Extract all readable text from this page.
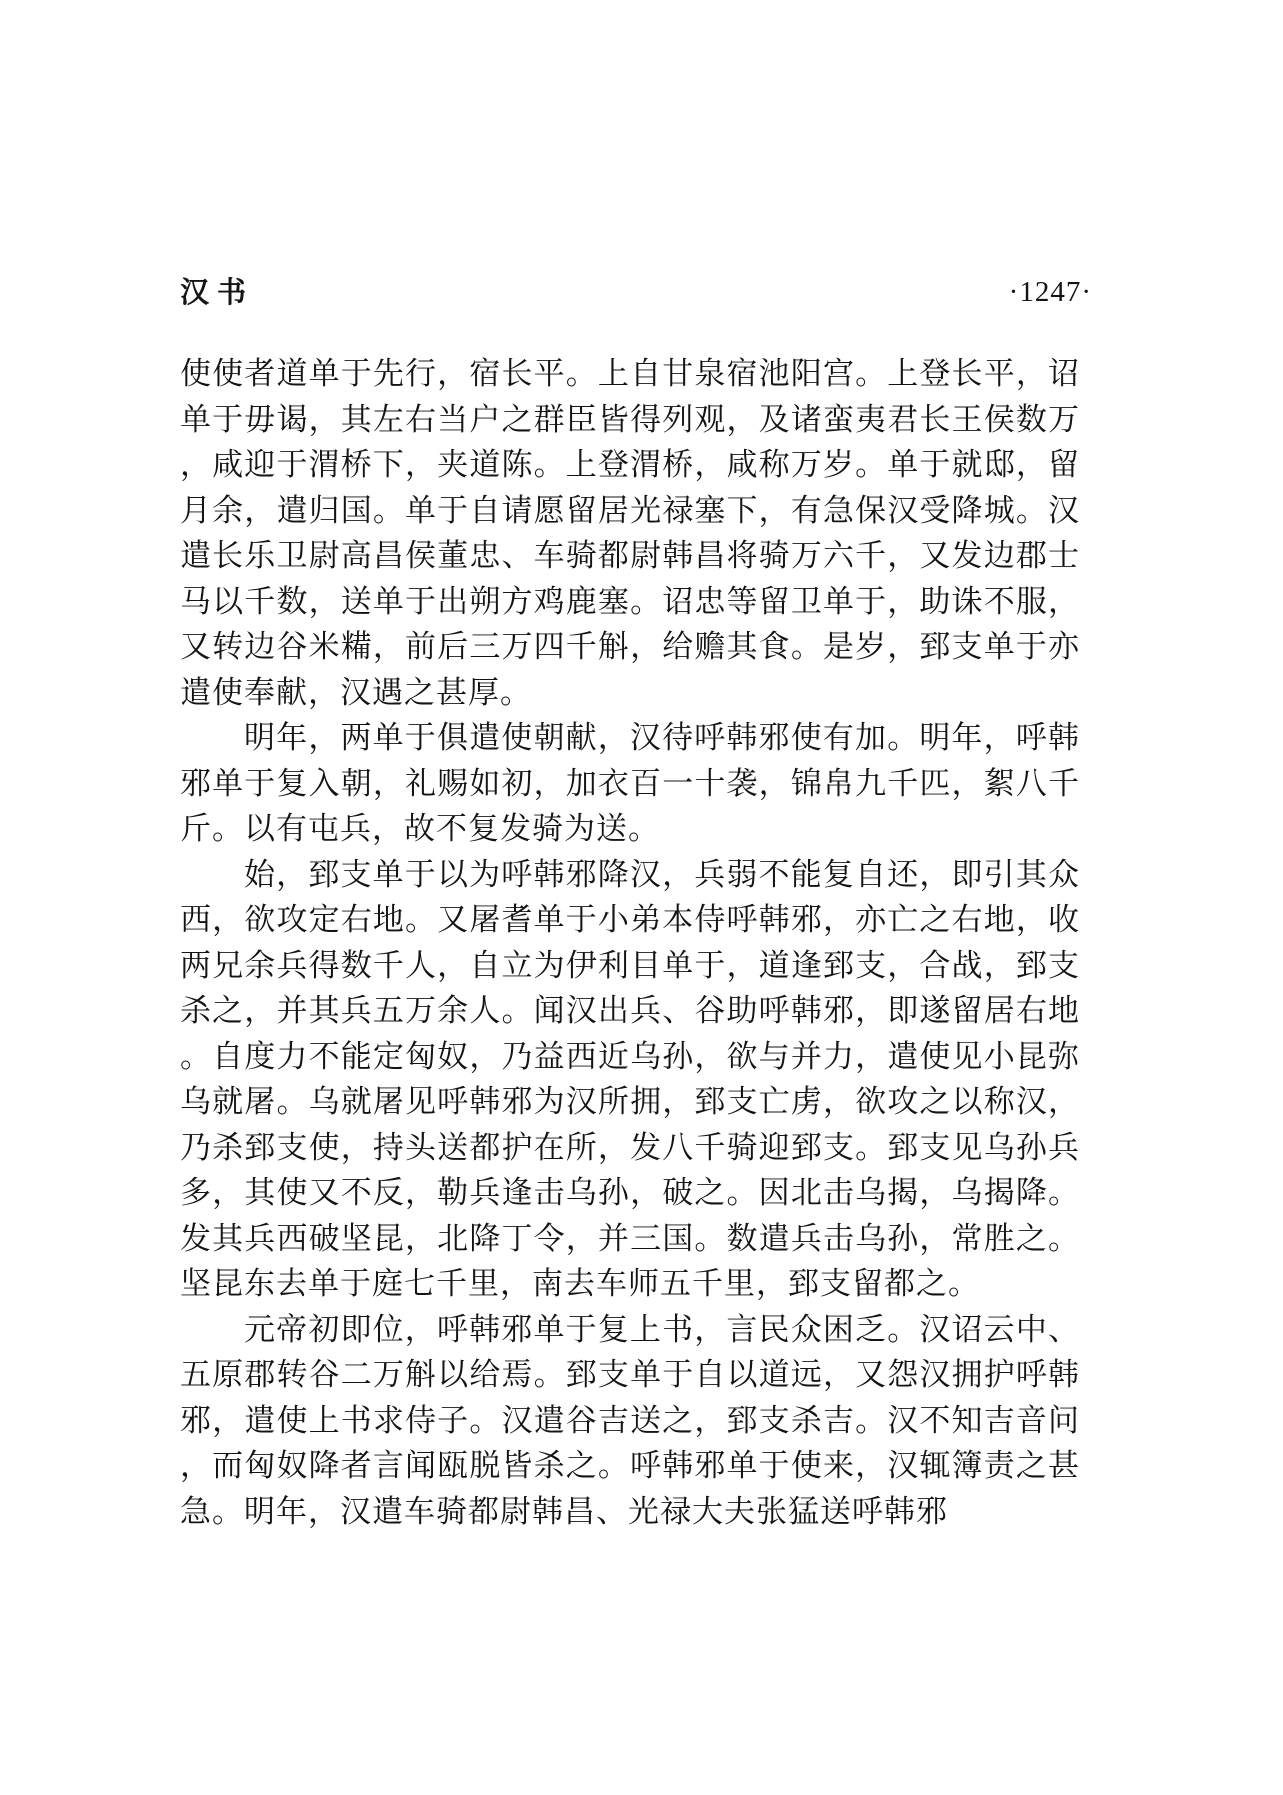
汉书	·1247·

使使者道单于先行，宿长平。上自甘泉宿池阳宫。上登长平，诏单于毋谒，其左右当户之群臣皆得列观，及诸蛮夷君长王侯数万，咸迎于渭桥下，夹道陈。上登渭桥，咸称万岁。单于就邸，留月余，遣归国。单于自请愿留居光禄塞下，有急保汉受降城。汉遣长乐卫尉高昌侯董忠、车骑都尉韩昌将骑万六千，又发边郡士马以千数，送单于出朔方鸡鹿塞。诏忠等留卫单于，助诛不服，又转边谷米糒，前后三万四千斛，给赡其食。是岁，郅支单于亦遣使奉献，汉遇之甚厚。

明年，两单于俱遣使朝献，汉待呼韩邪使有加。明年，呼韩邪单于复入朝，礼赐如初，加衣百一十袭，锦帛九千匹，絮八千斤。以有屯兵，故不复发骑为送。

始，郅支单于以为呼韩邪降汉，兵弱不能复自还，即引其众西，欲攻定右地。又屠耆单于小弟本侍呼韩邪，亦亡之右地，收两兄余兵得数千人，自立为伊利目单于，道逢郅支，合战，郅支杀之，并其兵五万余人。闻汉出兵、谷助呼韩邪，即遂留居右地。自度力不能定匈奴，乃益西近乌孙，欲与并力，遣使见小昆弥乌就屠。乌就屠见呼韩邪为汉所拥，郅支亡虏，欲攻之以称汉，乃杀郅支使，持头送都护在所，发八千骑迎郅支。郅支见乌孙兵多，其使又不反，勒兵逢击乌孙，破之。因北击乌揭，乌揭降。发其兵西破坚昆，北降丁令，并三国。数遣兵击乌孙，常胜之。坚昆东去单于庭七千里，南去车师五千里，郅支留都之。

元帝初即位，呼韩邪单于复上书，言民众困乏。汉诏云中、五原郡转谷二万斛以给焉。郅支单于自以道远，又怨汉拥护呼韩邪，遣使上书求侍子。汉遣谷吉送之，郅支杀吉。汉不知吉音问，而匈奴降者言闻瓯脱皆杀之。呼韩邪单于使来，汉辄簿责之甚急。明年，汉遣车骑都尉韩昌、光禄大夫张猛送呼韩邪
